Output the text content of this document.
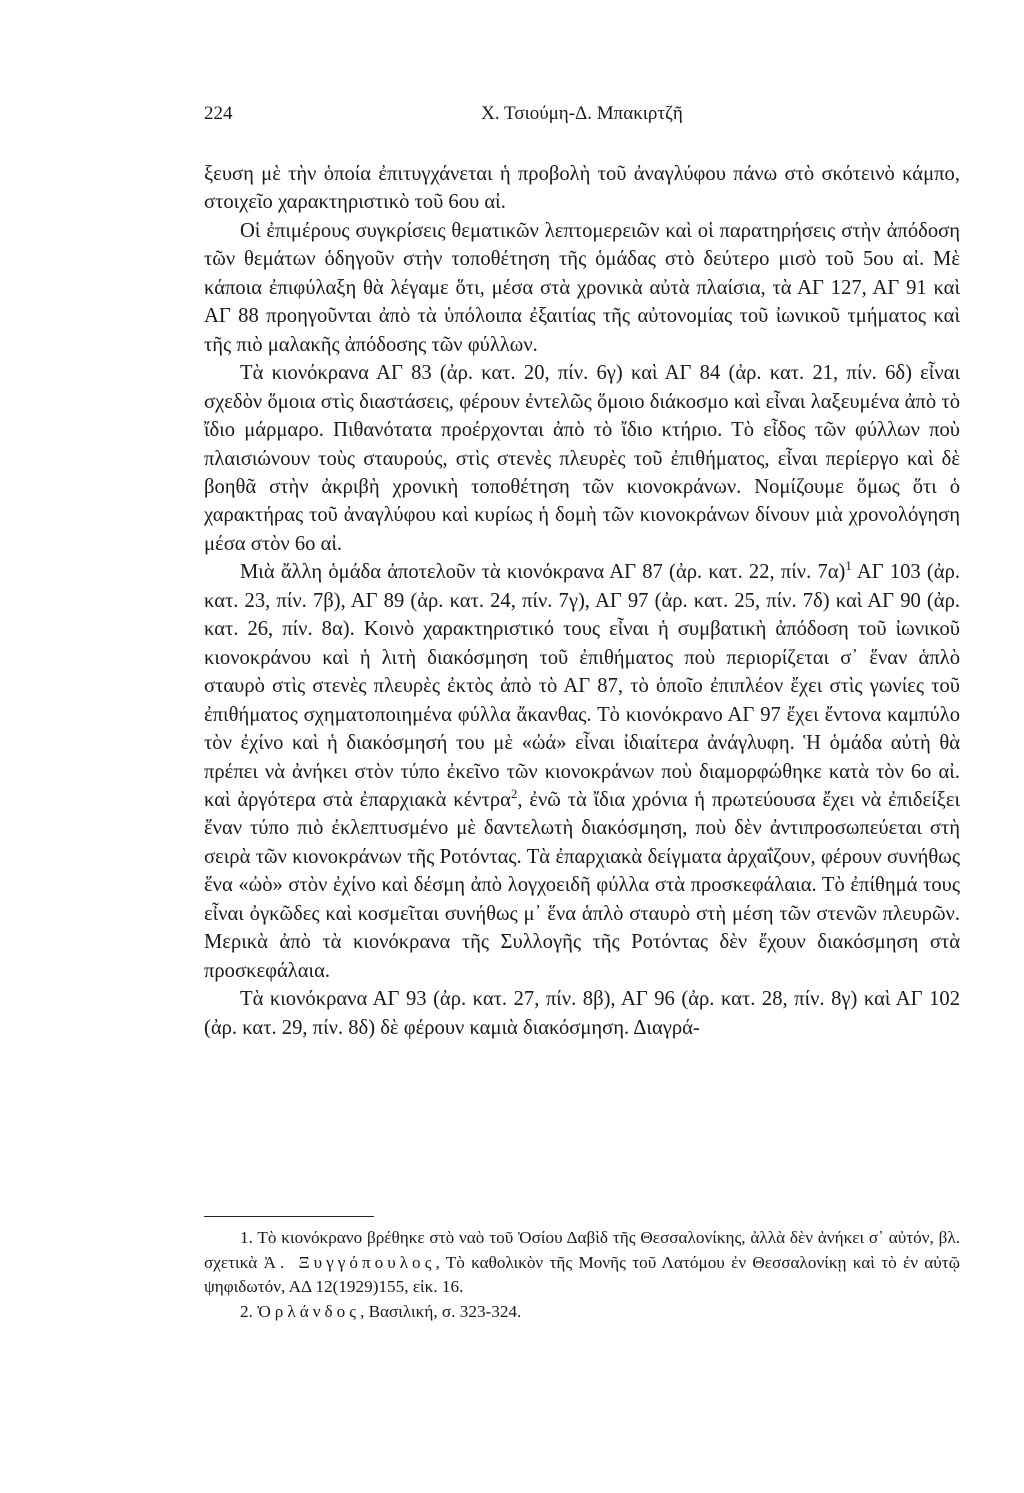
224	Χ. Τσιούμη-Δ. Μπακιρτζῆ

ξευση μὲ τὴν ὁποία ἐπιτυγχάνεται ἡ προβολὴ τοῦ ἀναγλύφου πάνω στὸ σκότεινὸ κάμπο, στοιχεῖο χαρακτηριστικὸ τοῦ 6ου αἰ.

Οἱ ἐπιμέρους συγκρίσεις θεματικῶν λεπτομερειῶν καὶ οἱ παρατηρήσεις στὴν ἀπόδοση τῶν θεμάτων ὁδηγοῦν στὴν τοποθέτηση τῆς ὁμάδας στὸ δεύτερο μισὸ τοῦ 5ου αἰ. Μὲ κάποια ἐπιφύλαξη θὰ λέγαμε ὅτι, μέσα στὰ χρονικὰ αὐτὰ πλαίσια, τὰ ΑΓ 127, ΑΓ 91 καὶ ΑΓ 88 προηγοῦνται ἀπὸ τὰ ὑπόλοιπα ἐξαιτίας τῆς αὐτονομίας τοῦ ἰωνικοῦ τμήματος καὶ τῆς πιὸ μαλακῆς ἀπόδοσης τῶν φύλλων.

Τὰ κιονόκρανα ΑΓ 83 (ἀρ. κατ. 20, πίν. 6γ) καὶ ΑΓ 84 (ἀρ. κατ. 21, πίν. 6δ) εἶναι σχεδὸν ὅμοια στὶς διαστάσεις, φέρουν ἐντελῶς ὅμοιο διάκοσμο καὶ εἶναι λαξευμένα ἀπὸ τὸ ἴδιο μάρμαρο. Πιθανότατα προέρχονται ἀπὸ τὸ ἴδιο κτήριο. Τὸ εἶδος τῶν φύλλων ποὺ πλαισιώνουν τοὺς σταυρούς, στὶς στενὲς πλευρὲς τοῦ ἐπιθήματος, εἶναι περίεργο καὶ δὲ βοηθᾶ στὴν ἀκριβὴ χρονικὴ τοποθέτηση τῶν κιονοκράνων. Νομίζουμε ὅμως ὅτι ὁ χαρακτήρας τοῦ ἀναγλύφου καὶ κυρίως ἡ δομὴ τῶν κιονοκράνων δίνουν μιὰ χρονολόγηση μέσα στὸν 6ο αἰ.

Μιὰ ἄλλη ὁμάδα ἀποτελοῦν τὰ κιονόκρανα ΑΓ 87 (ἀρ. κατ. 22, πίν. 7α)$^1$ ΑΓ 103 (ἀρ. κατ. 23, πίν. 7β), ΑΓ 89 (ἀρ. κατ. 24, πίν. 7γ), ΑΓ 97 (ἀρ. κατ. 25, πίν. 7δ) καὶ ΑΓ 90 (ἀρ. κατ. 26, πίν. 8α). Κοινὸ χαρακτηριστικό τους εἶναι ἡ συμβατικὴ ἀπόδοση τοῦ ἰωνικοῦ κιονοκράνου καὶ ἡ λιτὴ διακόσμηση τοῦ ἐπιθήματος ποὺ περιορίζεται σ᾽ ἕναν ἁπλὸ σταυρὸ στὶς στενὲς πλευρὲς ἐκτὸς ἀπὸ τὸ ΑΓ 87, τὸ ὁποῖο ἐπιπλέον ἔχει στὶς γωνίες τοῦ ἐπιθήματος σχηματοποιημένα φύλλα ἄκανθας. Τὸ κιονόκρανο ΑΓ 97 ἔχει ἔντονα καμπύλο τὸν ἐχίνο καὶ ἡ διακόσμησή του μὲ «ὠά» εἶναι ἰδιαίτερα ἀνάγλυφη. Ἡ ὁμάδα αὐτὴ θὰ πρέπει νὰ ἀνήκει στὸν τύπο ἐκεῖνο τῶν κιονοκράνων ποὺ διαμορφώθηκε κατὰ τὸν 6ο αἰ. καὶ ἀργότερα στὰ ἐπαρχιακὰ κέντρα$^2$, ἐνῶ τὰ ἴδια χρόνια ἡ πρωτεύουσα ἔχει νὰ ἐπιδείξει ἕναν τύπο πιὸ ἐκλεπτυσμένο μὲ δαντελωτὴ διακόσμηση, ποὺ δὲν ἀντιπροσωπεύεται στὴ σειρὰ τῶν κιονοκράνων τῆς Ροτόντας. Τὰ ἐπαρχιακὰ δείγματα ἀρχαΐζουν, φέρουν συνήθως ἕνα «ὠὸ» στὸν ἐχίνο καὶ δέσμη ἀπὸ λογχοειδῆ φύλλα στὰ προσκεφάλαια. Τὸ ἐπίθημά τους εἶναι ὀγκῶδες καὶ κοσμεῖται συνήθως μ᾽ ἕνα ἁπλὸ σταυρὸ στὴ μέση τῶν στενῶν πλευρῶν. Μερικὰ ἀπὸ τὰ κιονόκρανα τῆς Συλλογῆς τῆς Ροτόντας δὲν ἔχουν διακόσμηση στὰ προσκεφάλαια.

Τὰ κιονόκρανα ΑΓ 93 (ἀρ. κατ. 27, πίν. 8β), ΑΓ 96 (ἀρ. κατ. 28, πίν. 8γ) καὶ ΑΓ 102 (ἀρ. κατ. 29, πίν. 8δ) δὲ φέρουν καμιὰ διακόσμηση. Διαγρά-

1. Τὸ κιονόκρανο βρέθηκε στὸ ναὸ τοῦ Ὁσίου Δαβὶδ τῆς Θεσσαλονίκης, ἀλλὰ δὲν ἀνήκει σ᾽ αὐτόν, βλ. σχετικὰ Ἀ. Ξυγγόπουλος, Τὸ καθολικὸν τῆς Μονῆς τοῦ Λατόμου ἐν Θεσσαλονίκῃ καὶ τὸ ἐν αὐτῷ ψηφιδωτόν, ΑΔ 12(1929)155, εἰκ. 16.

2. Ὀρλάνδος, Βασιλική, σ. 323-324.
